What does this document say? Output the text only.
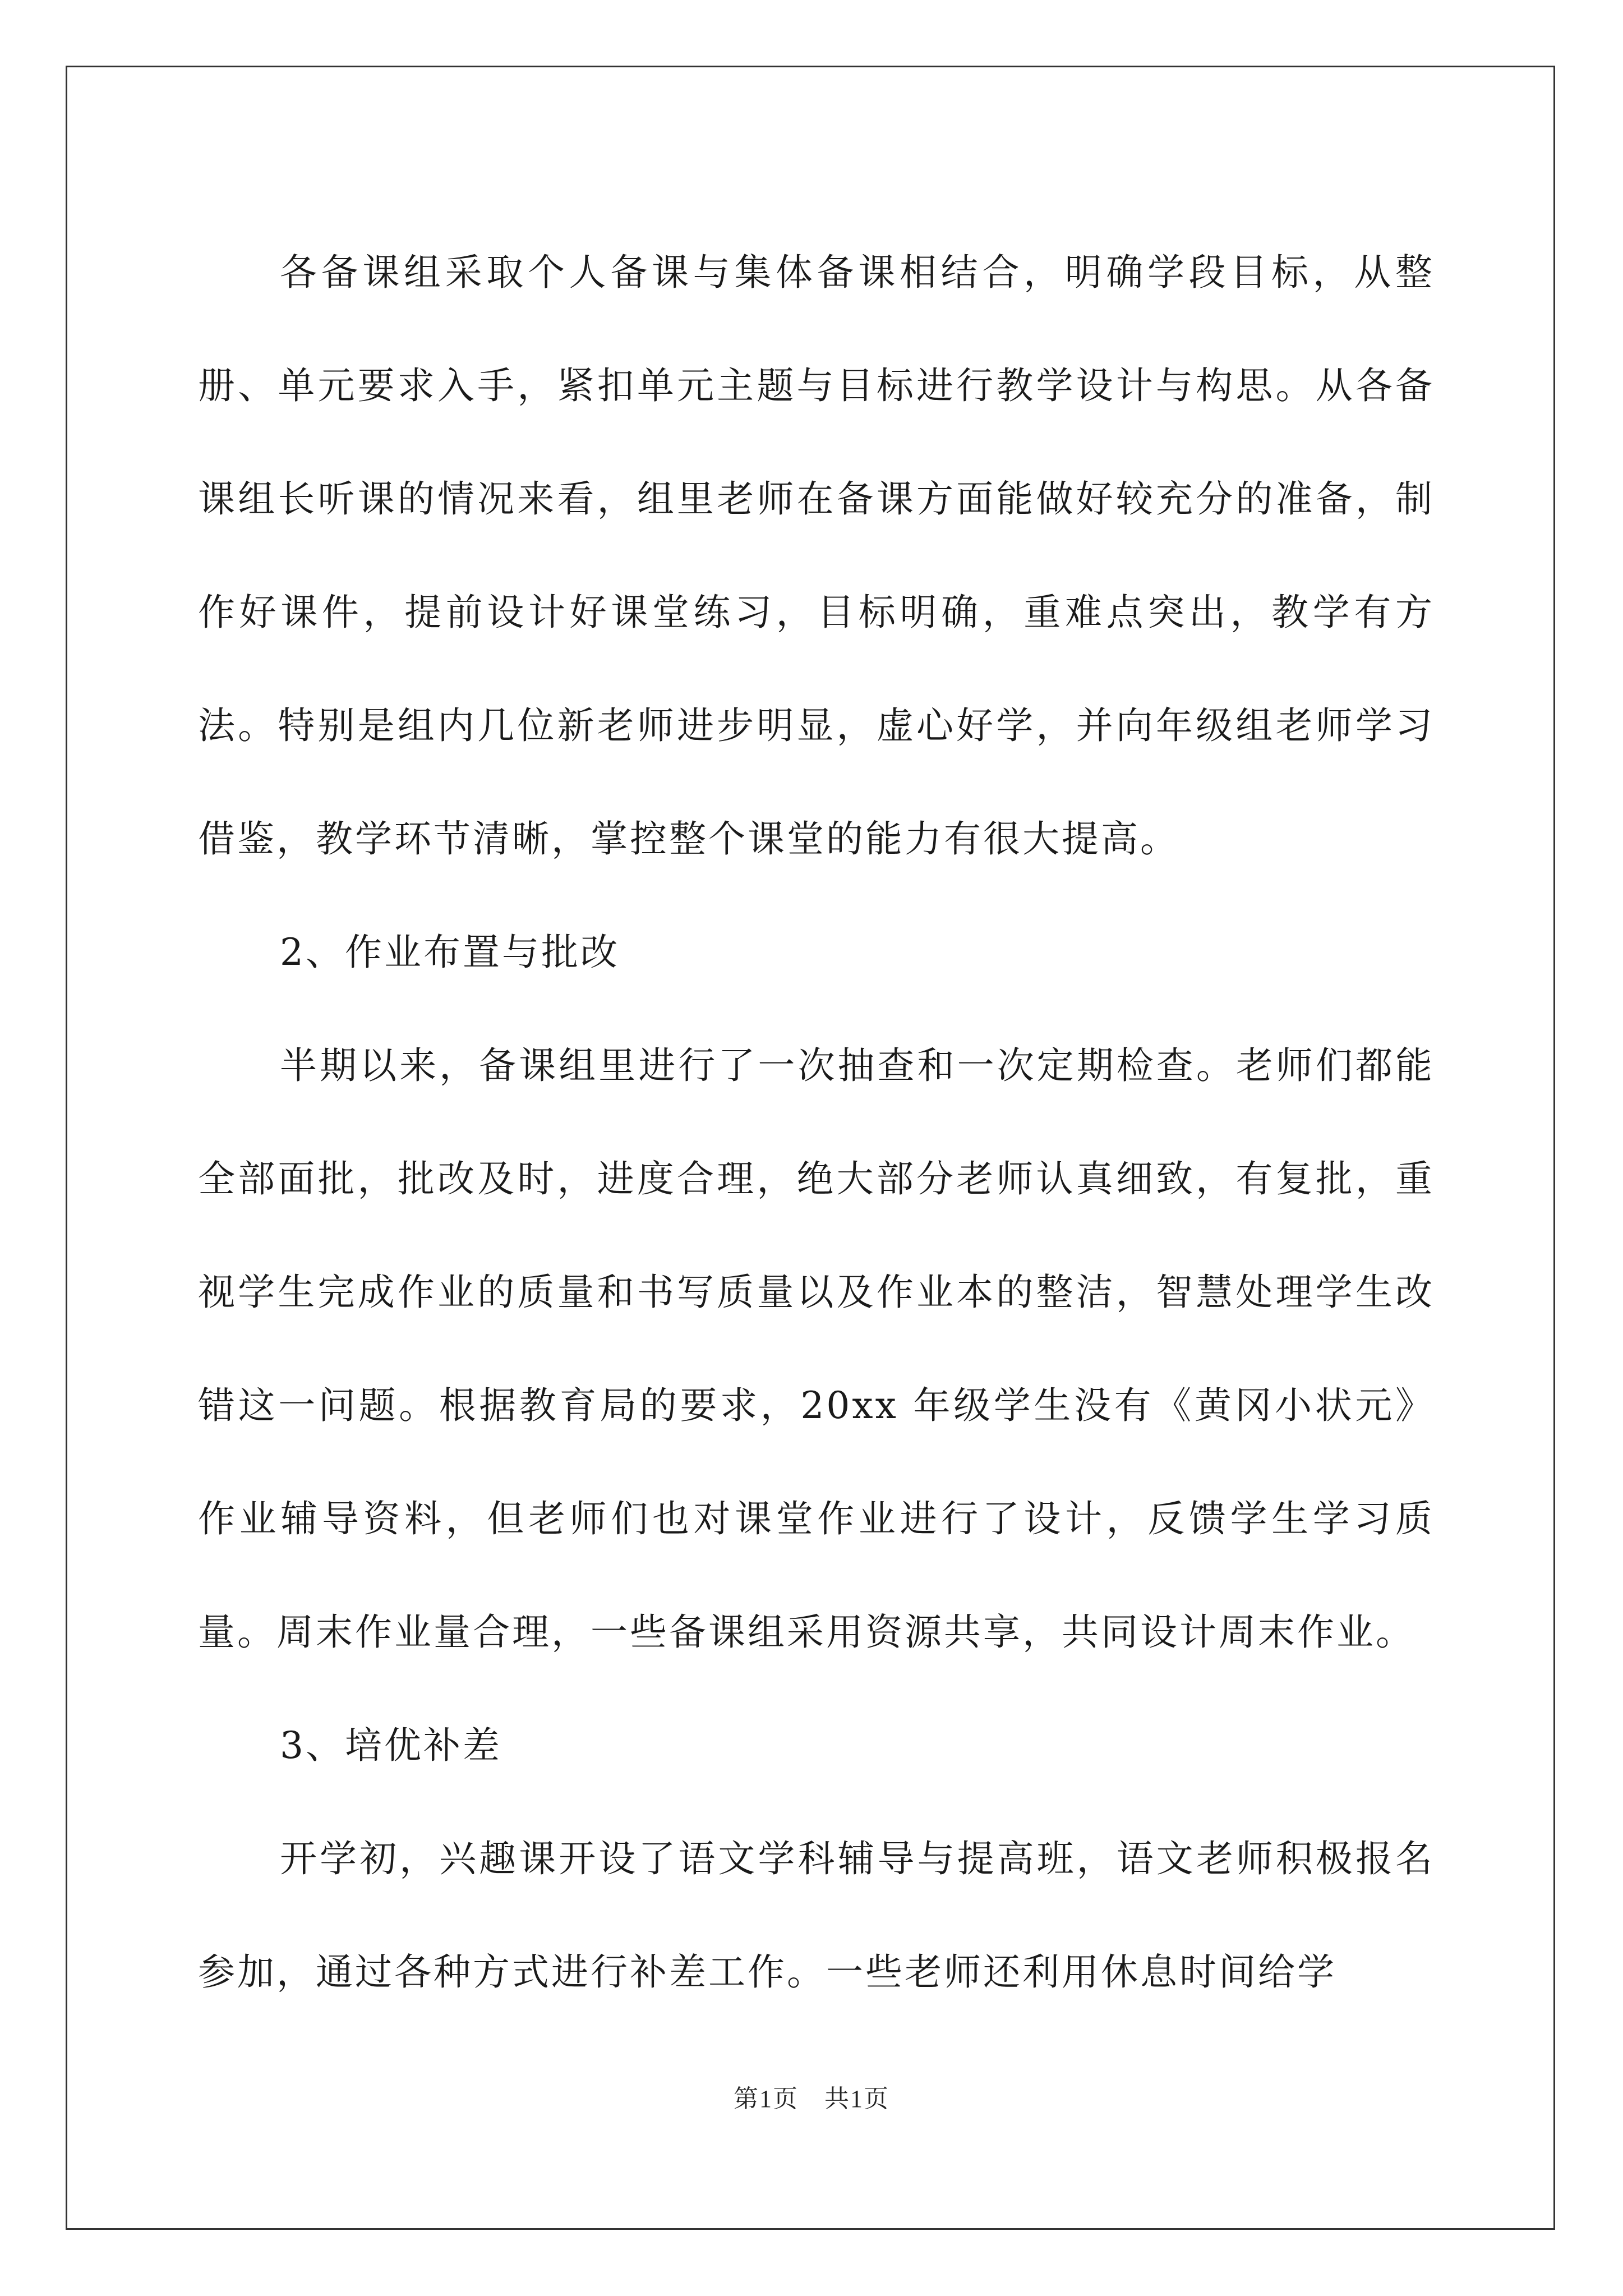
各备课组采取个人备课与集体备课相结合，明确学段目标，从整册、单元要求入手，紧扣单元主题与目标进行教学设计与构思。从各备课组长听课的情况来看，组里老师在备课方面能做好较充分的准备，制作好课件，提前设计好课堂练习，目标明确，重难点突出，教学有方法。特别是组内几位新老师进步明显，虚心好学，并向年级组老师学习借鉴，教学环节清晰，掌控整个课堂的能力有很大提高。

2、作业布置与批改

半期以来，备课组里进行了一次抽查和一次定期检查。老师们都能全部面批，批改及时，进度合理，绝大部分老师认真细致，有复批，重视学生完成作业的质量和书写质量以及作业本的整洁，智慧处理学生改错这一问题。根据教育局的要求，20xx 年级学生没有《黄冈小状元》作业辅导资料，但老师们也对课堂作业进行了设计，反馈学生学习质量。周末作业量合理，一些备课组采用资源共享，共同设计周末作业。

3、培优补差

开学初，兴趣课开设了语文学科辅导与提高班，语文老师积极报名参加，通过各种方式进行补差工作。一些老师还利用休息时间给学

第1页　共1页
